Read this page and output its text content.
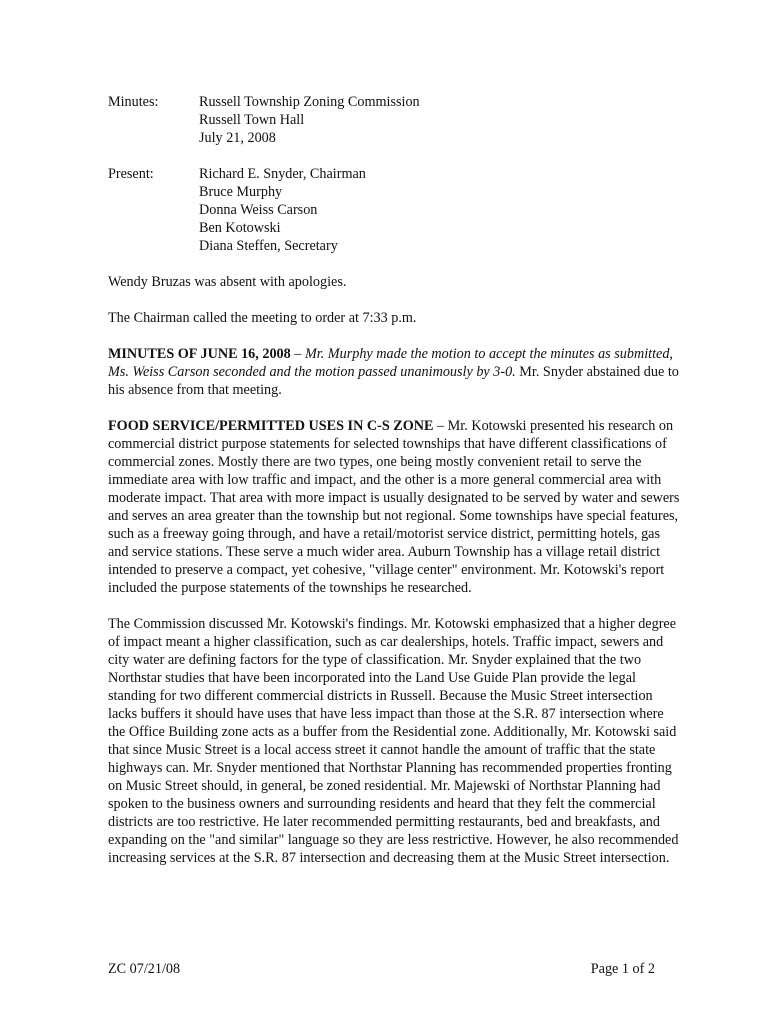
Minutes:	Russell Township Zoning Commission
Russell Town Hall
July 21, 2008
Present:	Richard E. Snyder, Chairman
Bruce Murphy
Donna Weiss Carson
Ben Kotowski
Diana Steffen, Secretary

Wendy Bruzas was absent with apologies.

The Chairman called the meeting to order at 7:33 p.m.

MINUTES OF JUNE 16, 2008 – Mr. Murphy made the motion to accept the minutes as submitted, Ms. Weiss Carson seconded and the motion passed unanimously by 3-0. Mr. Snyder abstained due to his absence from that meeting.

FOOD SERVICE/PERMITTED USES IN C-S ZONE – Mr. Kotowski presented his research on commercial district purpose statements for selected townships that have different classifications of commercial zones. Mostly there are two types, one being mostly convenient retail to serve the immediate area with low traffic and impact, and the other is a more general commercial area with moderate impact. That area with more impact is usually designated to be served by water and sewers and serves an area greater than the township but not regional. Some townships have special features, such as a freeway going through, and have a retail/motorist service district, permitting hotels, gas and service stations. These serve a much wider area. Auburn Township has a village retail district intended to preserve a compact, yet cohesive, "village center" environment. Mr. Kotowski's report included the purpose statements of the townships he researched.

The Commission discussed Mr. Kotowski's findings. Mr. Kotowski emphasized that a higher degree of impact meant a higher classification, such as car dealerships, hotels. Traffic impact, sewers and city water are defining factors for the type of classification. Mr. Snyder explained that the two Northstar studies that have been incorporated into the Land Use Guide Plan provide the legal standing for two different commercial districts in Russell. Because the Music Street intersection lacks buffers it should have uses that have less impact than those at the S.R. 87 intersection where the Office Building zone acts as a buffer from the Residential zone. Additionally, Mr. Kotowski said that since Music Street is a local access street it cannot handle the amount of traffic that the state highways can. Mr. Snyder mentioned that Northstar Planning has recommended properties fronting on Music Street should, in general, be zoned residential. Mr. Majewski of Northstar Planning had spoken to the business owners and surrounding residents and heard that they felt the commercial districts are too restrictive. He later recommended permitting restaurants, bed and breakfasts, and expanding on the "and similar" language so they are less restrictive. However, he also recommended increasing services at the S.R. 87 intersection and decreasing them at the Music Street intersection.

ZC 07/21/08	Page 1 of 2
